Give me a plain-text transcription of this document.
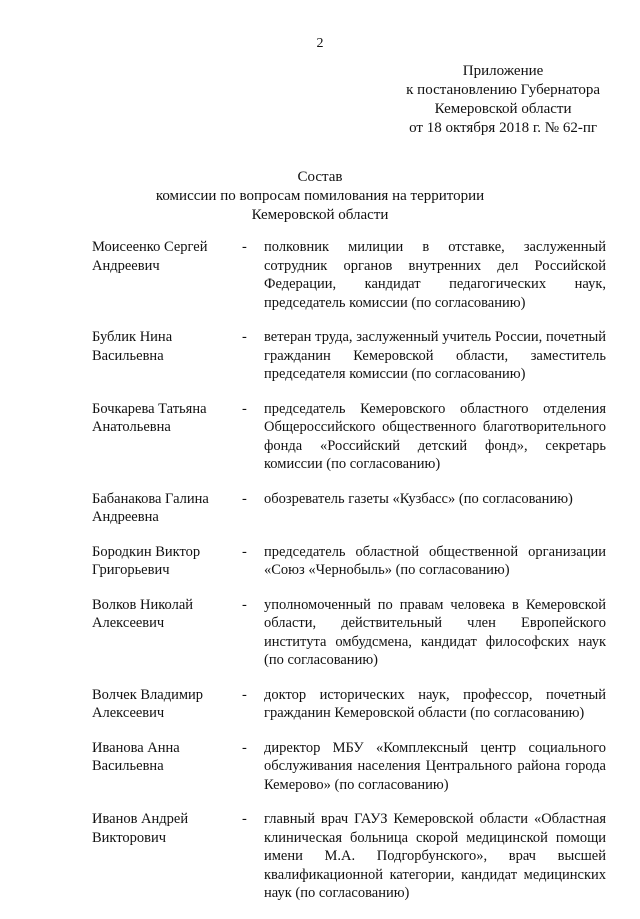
2
Приложение
к постановлению Губернатора
Кемеровской области
от 18 октября 2018 г. № 62-пг
Состав
комиссии по вопросам помилования на территории
Кемеровской области
Моисеенко Сергей Андреевич
-	полковник милиции в отставке, заслуженный сотрудник органов внутренних дел Российской Федерации, кандидат педагогических наук, председатель комиссии (по согласованию)
Бублик Нина Васильевна
-	ветеран труда, заслуженный учитель России, почетный гражданин Кемеровской области, заместитель председателя комиссии (по согласованию)
Бочкарева Татьяна Анатольевна
-	председатель Кемеровского областного отделения Общероссийского общественного благотворительного фонда «Российский детский фонд», секретарь комиссии (по согласованию)
Бабанакова Галина Андреевна
-	обозреватель газеты «Кузбасс» (по согласованию)
Бородкин Виктор Григорьевич
-	председатель областной общественной организации «Союз «Чернобыль» (по согласованию)
Волков Николай Алексеевич
-	уполномоченный по правам человека в Кемеровской области, действительный член Европейского института омбудсмена, кандидат философских наук (по согласованию)
Волчек Владимир Алексеевич
-	доктор исторических наук, профессор, почетный гражданин Кемеровской области (по согласованию)
Иванова Анна Васильевна
-	директор МБУ «Комплексный центр социального обслуживания населения Центрального района города Кемерово» (по согласованию)
Иванов Андрей Викторович
-	главный врач ГАУЗ Кемеровской области «Областная клиническая больница скорой медицинской помощи имени М.А. Подгорбунского», врач высшей квалификационной категории, кандидат медицинских наук (по согласованию)
